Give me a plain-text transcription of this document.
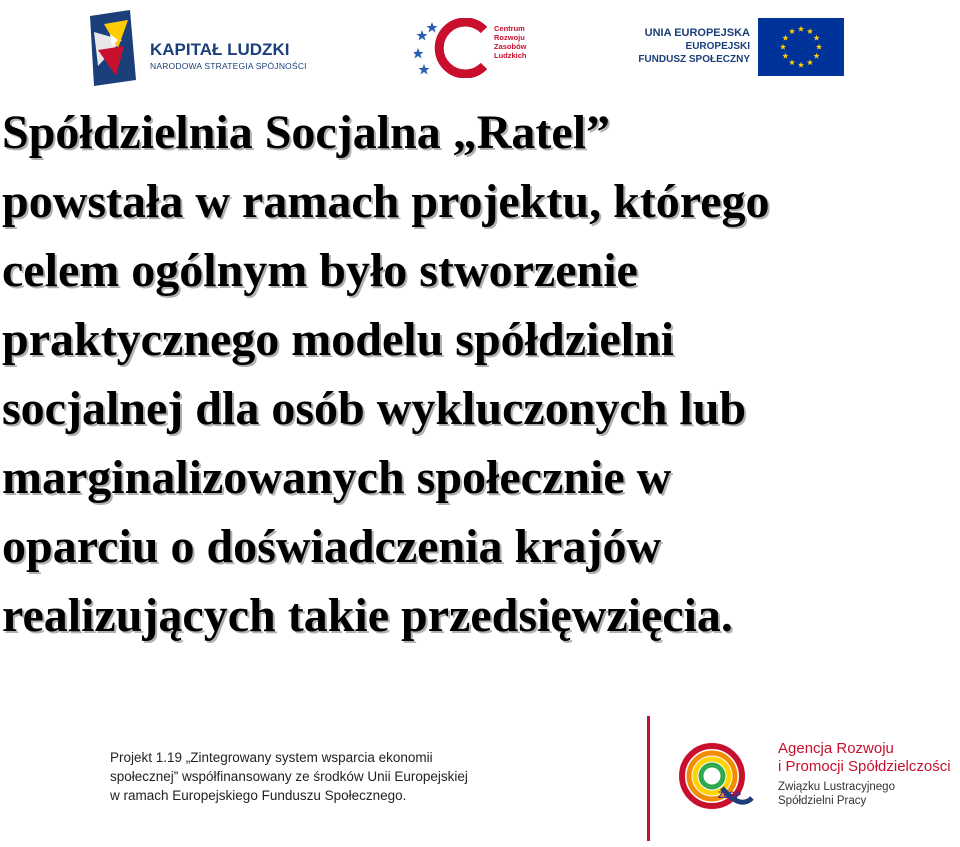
KAPITAŁ LUDZKI
NARODOWA STRATEGIA SPÓJNOŚCI
Centrum
Rozwoju
Zasobów
Ludzkich
UNIA EUROPEJSKA
EUROPEJSKI
FUNDUSZ SPOŁECZNY
Spółdzielnia Socjalna „Ratel”
powstała w ramach projektu, którego
celem ogólnym było stworzenie
praktycznego modelu spółdzielni
socjalnej dla osób wykluczonych lub
marginalizowanych społecznie w
oparciu o doświadczenia krajów
realizujących takie przedsięwzięcia.
Projekt 1.19 „Zintegrowany system wsparcia ekonomii
społecznej” współfinansowany ze środków Unii Europejskiej
w ramach Europejskiego Funduszu Społecznego.	ZLSP
Agencja Rozwoju
i Promocji Spółdzielczości
Związku Lustracyjnego
Spółdzielni Pracy
